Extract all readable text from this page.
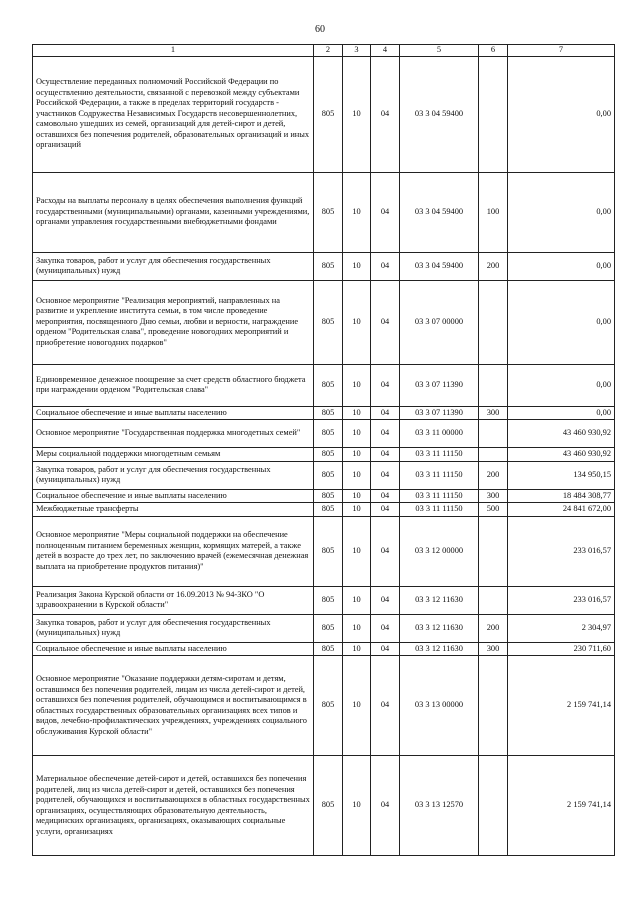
60
1	2	3	4	5	6	7
Осуществление переданных полномочий Российской Федерации по осуществлению деятельности, связанной с перевозкой между субъектами Российской Федерации, а также в пределах территорий государств - участников Содружества Независимых Государств несовершеннолетних, самовольно ушедших из семей, организаций для детей-сирот и детей, оставшихся без попечения родителей, образовательных организаций и иных организаций	805	10	04	03 3 04 59400		0,00
Расходы на выплаты персоналу в целях обеспечения выполнения функций государственными (муниципальными) органами, казенными учреждениями, органами управления государственными внебюджетными фондами	805	10	04	03 3 04 59400	100	0,00
Закупка товаров, работ и услуг для обеспечения государственных (муниципальных) нужд	805	10	04	03 3 04 59400	200	0,00
Основное мероприятие "Реализация мероприятий, направленных на развитие и укрепление института семьи, в том числе проведение мероприятия, посвященного Дню семьи, любви и верности, награждение орденом "Родительская слава", проведение новогодних мероприятий и приобретение новогодних подарков"	805	10	04	03 3 07 00000		0,00
Единовременное денежное поощрение за счет средств областного бюджета при награждении орденом "Родительская слава"	805	10	04	03 3 07 11390		0,00
Социальное обеспечение и иные выплаты населению	805	10	04	03 3 07 11390	300	0,00
Основное мероприятие "Государственная поддержка многодетных семей"	805	10	04	03 3 11 00000		43 460 930,92
Меры социальной поддержки многодетным семьям	805	10	04	03 3 11 11150		43 460 930,92
Закупка товаров, работ и услуг для обеспечения государственных (муниципальных) нужд	805	10	04	03 3 11 11150	200	134 950,15
Социальное обеспечение и иные выплаты населению	805	10	04	03 3 11 11150	300	18 484 308,77
Межбюджетные трансферты	805	10	04	03 3 11 11150	500	24 841 672,00
Основное мероприятие "Меры социальной поддержки на обеспечение полноценным питанием беременных женщин, кормящих матерей, а также детей в возрасте до трех лет, по заключению врачей (ежемесячная денежная выплата на приобретение продуктов питания)"	805	10	04	03 3 12 00000		233 016,57
Реализация Закона Курской области от 16.09.2013 № 94-ЗКО "О здравоохранении в Курской области"	805	10	04	03 3 12 11630		233 016,57
Закупка товаров, работ и услуг для обеспечения государственных (муниципальных) нужд	805	10	04	03 3 12 11630	200	2 304,97
Социальное обеспечение и иные выплаты населению	805	10	04	03 3 12 11630	300	230 711,60
Основное мероприятие "Оказание поддержки детям-сиротам и детям, оставшимся без попечения родителей, лицам из числа детей-сирот и детей, оставшихся без попечения родителей, обучающимся и воспитывающимся в областных государственных образовательных организациях всех типов и видов, лечебно-профилактических учреждениях, учреждениях социального обслуживания Курской области"	805	10	04	03 3 13 00000		2 159 741,14
Материальное обеспечение детей-сирот и детей, оставшихся без попечения родителей, лиц из числа детей-сирот и детей, оставшихся без попечения родителей, обучающихся и воспитывающихся в областных государственных организациях, осуществляющих образовательную деятельность, медицинских организациях, организациях, оказывающих социальные услуги, организациях	805	10	04	03 3 13 12570		2 159 741,14
